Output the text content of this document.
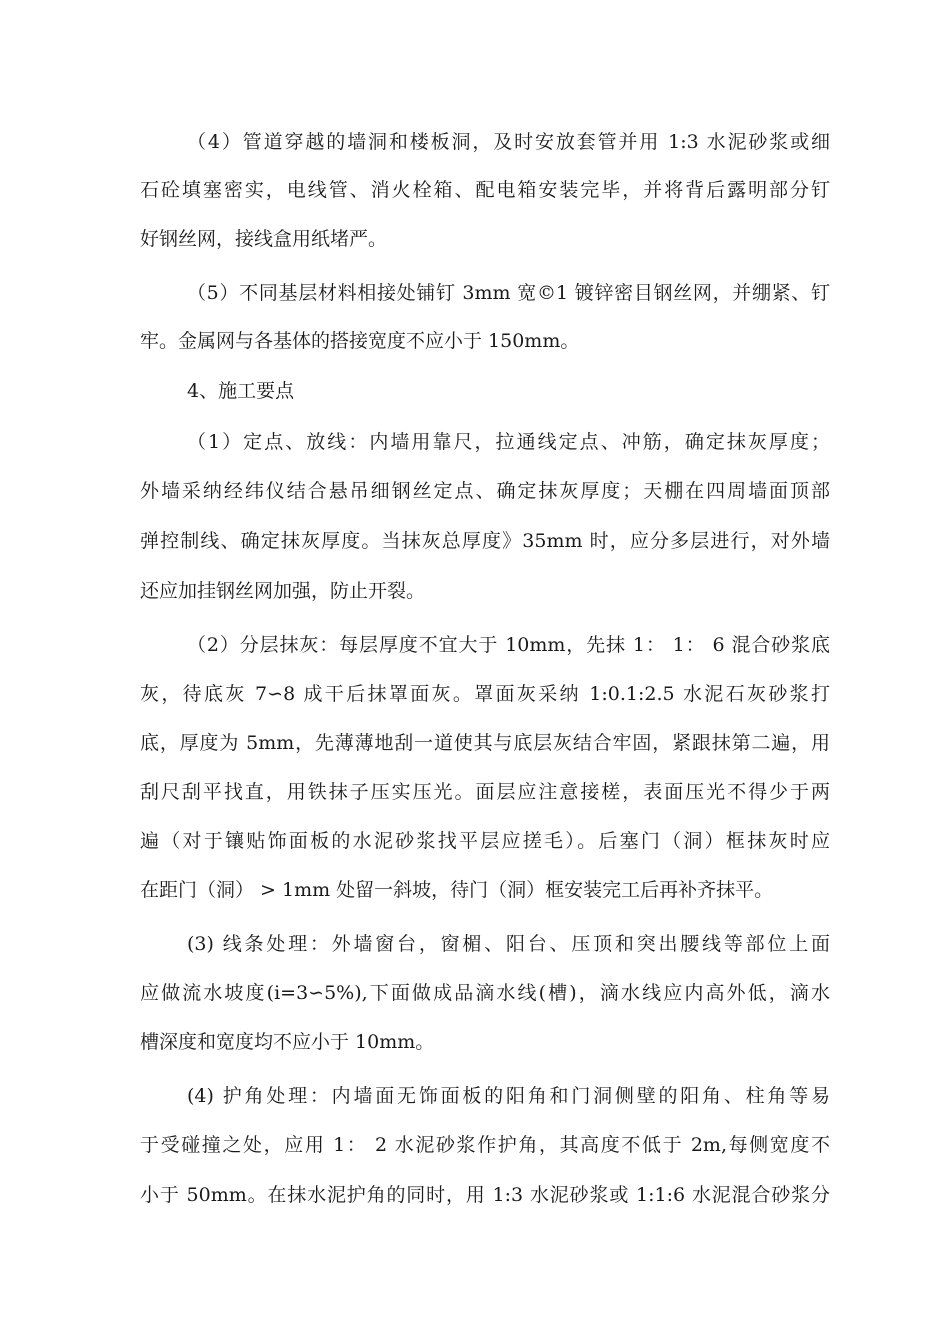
（4）管道穿越的墙洞和楼板洞，及时安放套管并用 1:3 水泥砂浆或细
石砼填塞密实，电线管、消火栓箱、配电箱安装完毕，并将背后露明部分钉
好钢丝网，接线盒用纸堵严。
（5）不同基层材料相接处铺钉 3mm 宽©1 镀锌密目钢丝网，并绷紧、钉
牢。金属网与各基体的搭接宽度不应小于 150mm。
4、施工要点
（1）定点、放线：内墙用靠尺，拉通线定点、冲筋，确定抹灰厚度；
外墙采纳经纬仪结合悬吊细钢丝定点、确定抹灰厚度；天棚在四周墙面顶部
弹控制线、确定抹灰厚度。当抹灰总厚度》35mm 时，应分多层进行，对外墙
还应加挂钢丝网加强，防止开裂。
（2）分层抹灰：每层厚度不宜大于 10mm，先抹 1： 1： 6 混合砂浆底
灰，待底灰 7∽8 成干后抹罩面灰。罩面灰采纳 1:0.1:2.5 水泥石灰砂浆打
底，厚度为 5mm，先薄薄地刮一道使其与底层灰结合牢固，紧跟抹第二遍，用
刮尺刮平找直，用铁抹子压实压光。面层应注意接槎，表面压光不得少于两
遍（对于镶贴饰面板的水泥砂浆找平层应搓毛）。后塞门（洞）框抹灰时应
在距门（洞） > 1mm 处留一斜坡，待门（洞）框安装完工后再补齐抹平。
(3) 线条处理：外墙窗台，窗楣、阳台、压顶和突出腰线等部位上面
应做流水坡度(i=3∽5%),下面做成品滴水线(槽)，滴水线应内高外低，滴水
槽深度和宽度均不应小于 10mm。
(4) 护角处理：内墙面无饰面板的阳角和门洞侧壁的阳角、柱角等易
于受碰撞之处，应用 1： 2 水泥砂浆作护角，其高度不低于 2m,每侧宽度不
小于 50mm。在抹水泥护角的同时，用 1:3 水泥砂浆或 1:1:6 水泥混合砂浆分
